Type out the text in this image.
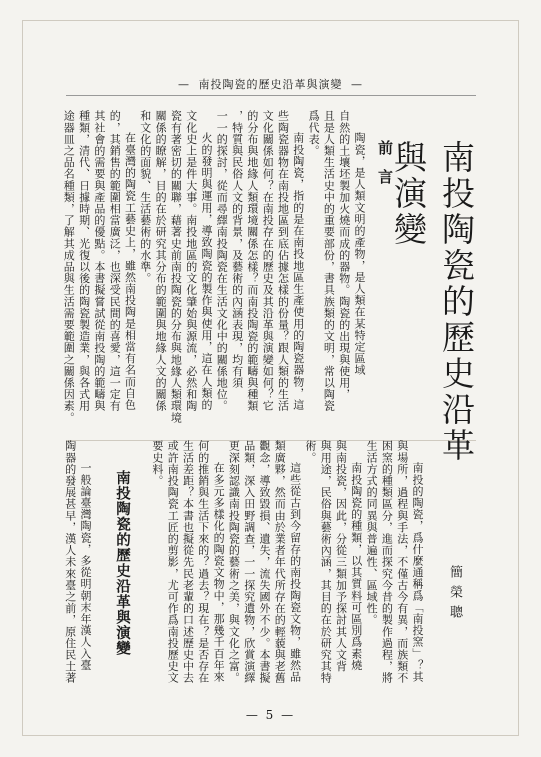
— 南投陶瓷的歷史沿革與演變 —
南投陶瓷的歷史沿革與演變
簡榮聰
前言
陶瓷，是人類文明的產物，是人類在某特定區域
自然的土壤坯製加火燒而成的器物。陶瓷的出現與使用，
且是人類生活史中的重要部份，書具族類的文明，常以陶瓷
爲代表。
南投陶瓷，指的是在南投地區生產使用的陶瓷器物，這
些陶瓷器物在南投地區到底佔據怎樣的份量？跟人類的生活
文化關係如何？在南投存在的歷史及其沿革與演變如何？它
的分布與地緣人類環境關係怎樣？而南投陶瓷的範疇與種類
，特質與民俗人文的背景，及藝術的內涵表現，均有須
一一的探討，從而尋繹南投陶瓷在生活文化中的關係地位。
火的發明與運用，導致陶瓷的製作與使用，這在人類的
文化史上是件大事。南投地區的文化肇始與源流，必然和陶
瓷有著密切的關聯，藉著史前南投陶瓷的分布與地緣人類環境
關係的瞭解，目的在於研究其分布的範圍與地緣人文的關係
和文化的面貌、生活藝術的水準。
在臺灣的陶瓷工藝史上，雖然南投陶是相當有名而自色
的，其銷售的範圍相當廣泛，也深受民間的喜愛，這一定有
其社會的需要與產品的優點。本書擬嘗試從南投陶的範疇與
種類，清代、日據時期、光復以後的陶瓷製造業，與各式用
途器皿之品名種類，了解其成品與生活需要範圍之關係因素。
南投的陶瓷，爲什麼通稱爲「南投窯」？其
與場所，過程與手法，不僅古今有異，而族類不
困窯的種類區分，進而探究今昔的製作過程，將
生活方式的同異與普遍性、區域性。
南投陶瓷的種類，以其質料可區別爲素燒
與南投瓷，因此，分從三類加予探討其人文背
與用途，民俗與藝術內涵，其目的在於研究其特
術。
這些從古到今留存的南投陶瓷文物，雖然品
類廣夥，然而由於業者年代所存在的輕藐與老舊
觀念，導致毀損、遺失，流失國外不少。本書擬
品類，深入田野調查，一一探究遺物，欣賞演繹
更深刻認識南投陶瓷的藝術之美，與文化之富。
在多元多樣化的陶瓷文物中，那幾千百年來
何的推銷與生活下來的？過去？現在？是否存在
生活差距？本書也擬從先民老輩的口述歷史中去
或許南投陶瓷工匠的剪影，尤可作爲南投歷史文
要史料。
南投陶瓷的歷史沿革與演變
一般論臺灣陶瓷，多從明朝末年漢人入臺
陶器的發展甚早，漢人未來臺之前，原住民土著
— 5 —
